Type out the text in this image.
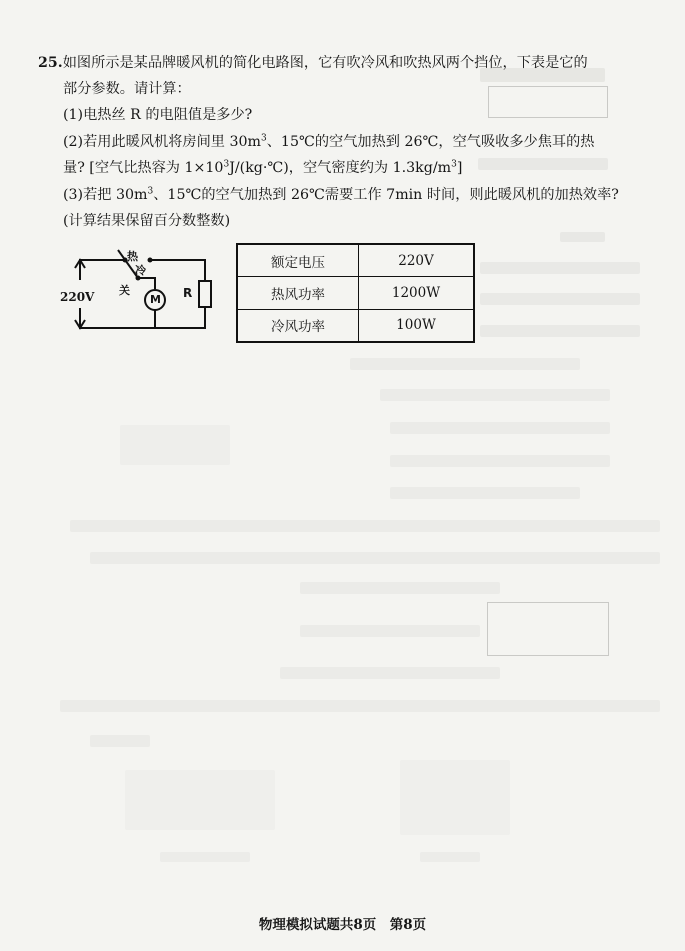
25.如图所示是某品牌暖风机的简化电路图，它有吹冷风和吹热风两个挡位，下表是它的
部分参数。请计算：
(1)电热丝 R 的电阻值是多少?
(2)若用此暖风机将房间里 $30m^3$、15℃的空气加热到 26℃，空气吸收多少焦耳的热
量? [空气比热容为 $1\times 10^3J/(kg\cdot℃)$，空气密度约为 $1.3kg/m^3$]
(3)若把 $30m^3$、15℃的空气加热到 26℃需要工作 7min 时间，则此暖风机的加热效率?
(计算结果保留百分数整数)
220V
热
冷
关
M R
额定电压	220V
热风功率	1200W
冷风功率	100W
物理模拟试题共8页　第8页
